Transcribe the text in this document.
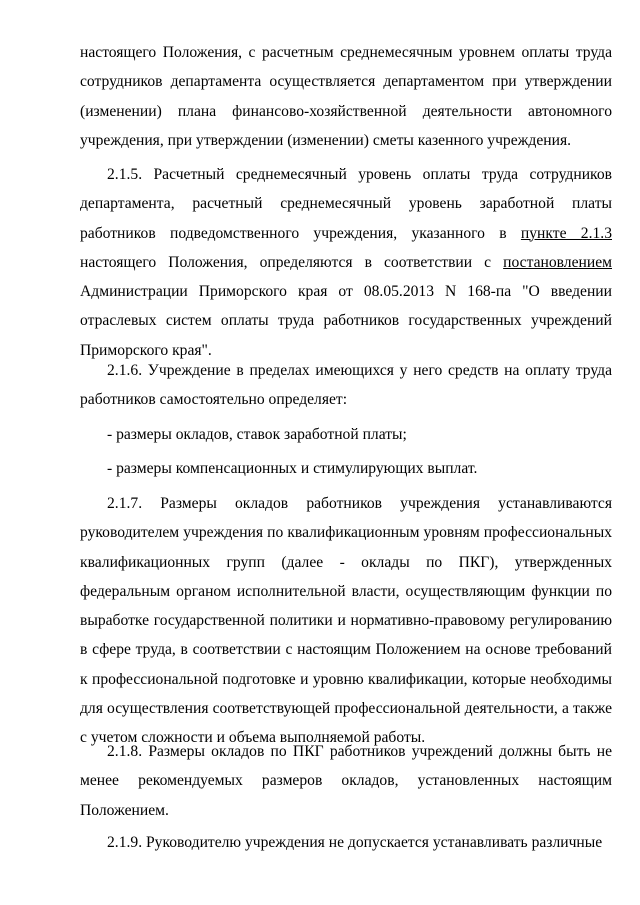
настоящего Положения, с расчетным среднемесячным уровнем оплаты труда сотрудников департамента осуществляется департаментом при утверждении (изменении) плана финансово-хозяйственной деятельности автономного учреждения, при утверждении (изменении) сметы казенного учреждения.

2.1.5. Расчетный среднемесячный уровень оплаты труда сотрудников департамента, расчетный среднемесячный уровень заработной платы работников подведомственного учреждения, указанного в пункте 2.1.3 настоящего Положения, определяются в соответствии с постановлением Администрации Приморского края от 08.05.2013 N 168-па "О введении отраслевых систем оплаты труда работников государственных учреждений Приморского края".

2.1.6. Учреждение в пределах имеющихся у него средств на оплату труда работников самостоятельно определяет:

- размеры окладов, ставок заработной платы;

- размеры компенсационных и стимулирующих выплат.

2.1.7. Размеры окладов работников учреждения устанавливаются руководителем учреждения по квалификационным уровням профессиональных квалификационных групп (далее - оклады по ПКГ), утвержденных федеральным органом исполнительной власти, осуществляющим функции по выработке государственной политики и нормативно-правовому регулированию в сфере труда, в соответствии с настоящим Положением на основе требований к профессиональной подготовке и уровню квалификации, которые необходимы для осуществления соответствующей профессиональной деятельности, а также с учетом сложности и объема выполняемой работы.

2.1.8. Размеры окладов по ПКГ работников учреждений должны быть не менее рекомендуемых размеров окладов, установленных настоящим Положением.

2.1.9. Руководителю учреждения не допускается устанавливать различные
